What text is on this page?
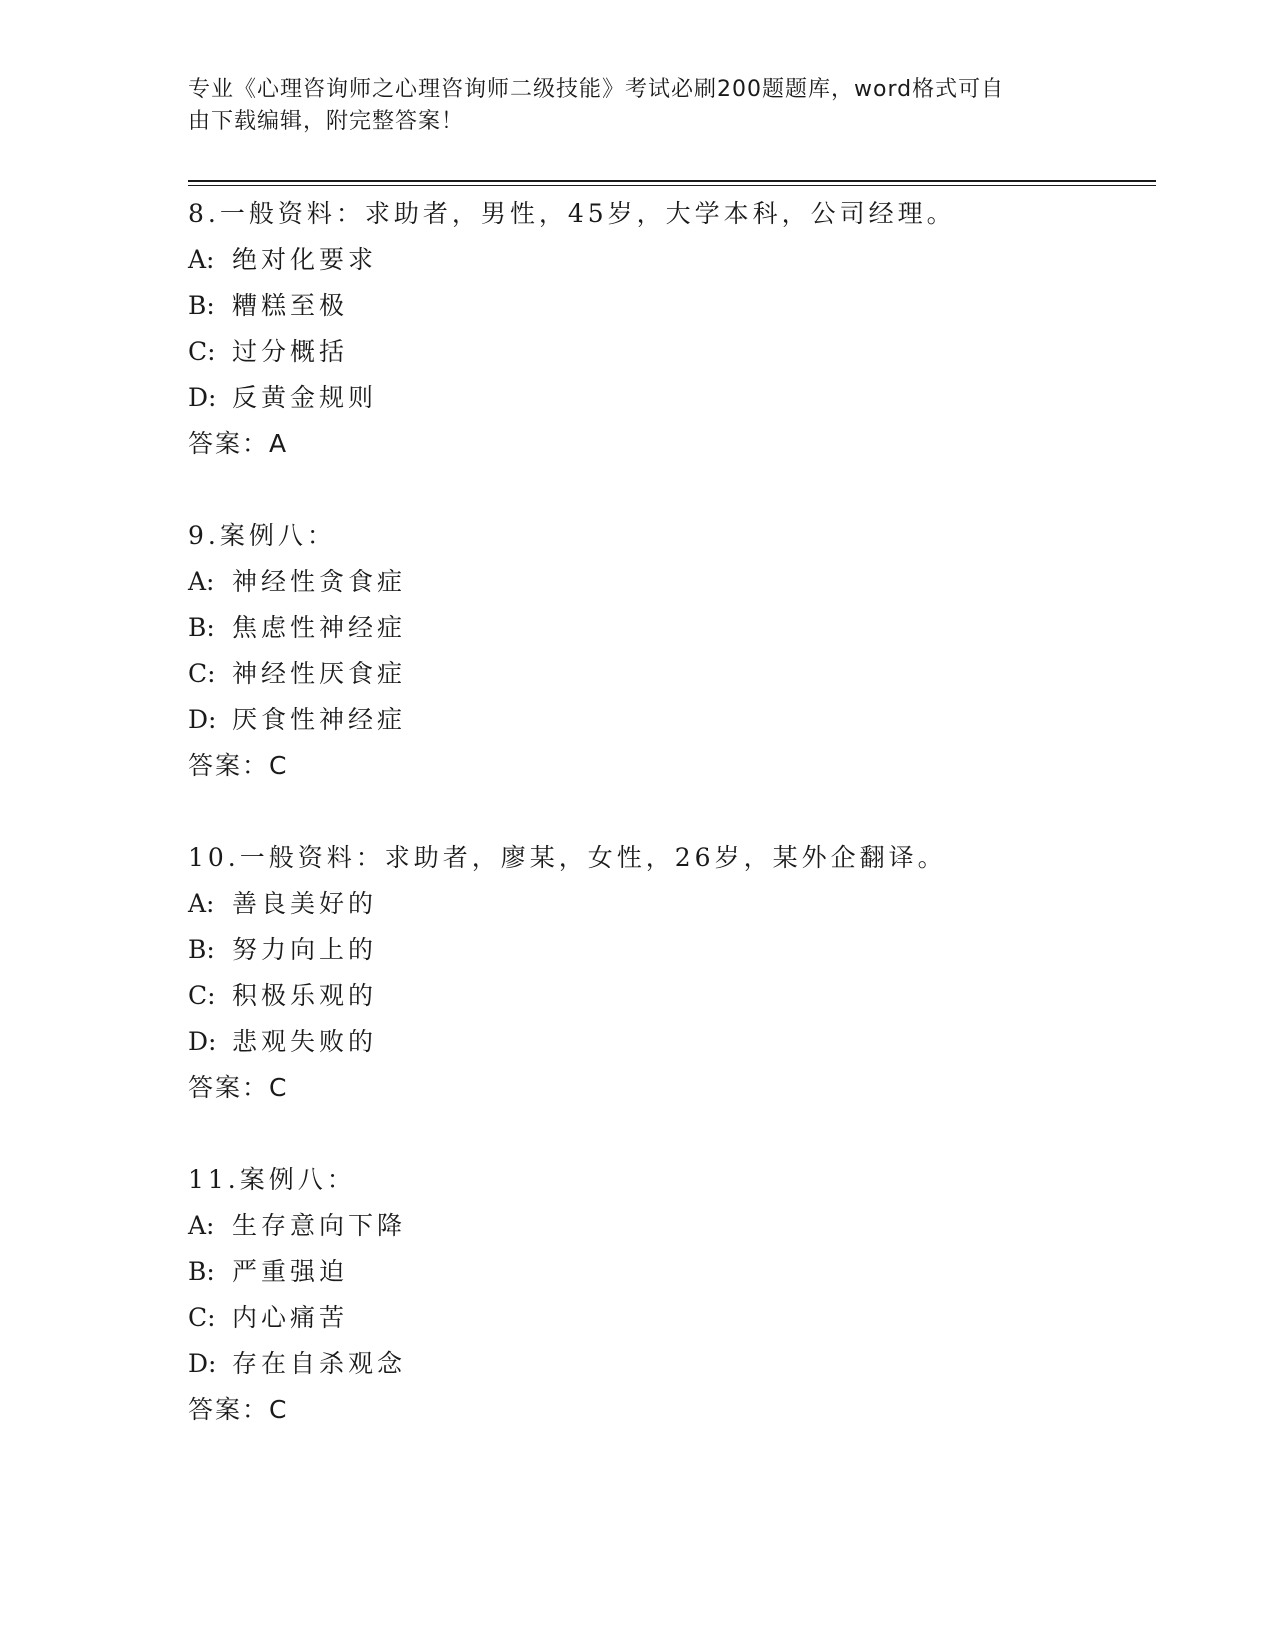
专业《心理咨询师之心理咨询师二级技能》考试必刷200题题库，word格式可自
由下载编辑，附完整答案！
8.一般资料：求助者，男性，45岁，大学本科，公司经理。
A: 绝对化要求
B: 糟糕至极
C: 过分概括
D: 反黄金规则
答案：A
9.案例八：
A: 神经性贪食症
B: 焦虑性神经症
C: 神经性厌食症
D: 厌食性神经症
答案：C
10.一般资料：求助者，廖某，女性，26岁，某外企翻译。
A: 善良美好的
B: 努力向上的
C: 积极乐观的
D: 悲观失败的
答案：C
11.案例八：
A: 生存意向下降
B: 严重强迫
C: 内心痛苦
D: 存在自杀观念
答案：C
